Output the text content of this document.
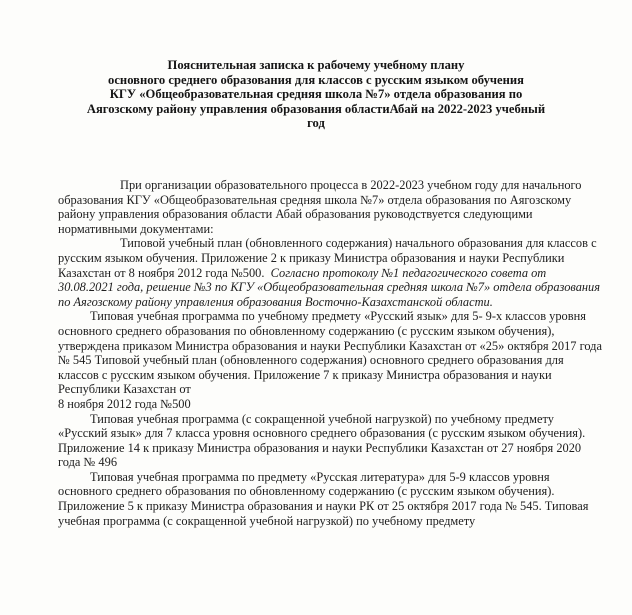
Пояснительная записка к рабочему учебному плану
основного среднего образования для классов с русским языком обучения
КГУ «Общеобразовательная средняя школа №7» отдела образования по
Аягозскому району управления образования областиАбай на 2022-2023 учебный
год

При организации образовательного процесса в 2022-2023 учебном году для начального образования КГУ «Общеобразовательная средняя школа №7» отдела образования по Аягозскому району управления образования области Абай образования руководствуется следующими нормативными документами:

Типовой учебный план (обновленного содержания) начального образования для классов с русским языком обучения. Приложение 2 к приказу Министра образования и науки Республики Казахстан от 8 ноября 2012 года №500. Согласно протоколу №1 педагогического совета от 30.08.2021 года, решение №3 по КГУ «Общеобразовательная средняя школа №7» отдела образования по Аягозскому району управления образования Восточно-Казахстанской области.

Типовая учебная программа по учебному предмету «Русский язык» для 5- 9-х классов уровня основного среднего образования по обновленному содержанию (с русским языком обучения), утверждена приказом Министра образования и науки Республики Казахстан от «25» октября 2017 года № 545 Типовой учебный план (обновленного содержания) основного среднего образования для классов с русским языком обучения. Приложение 7 к приказу Министра образования и науки Республики Казахстан от

8 ноября 2012 года №500

Типовая учебная программа (с сокращенной учебной нагрузкой) по учебному предмету «Русский язык» для 7 класса уровня основного среднего образования (с русским языком обучения). Приложение 14 к приказу Министра образования и науки Республики Казахстан от 27 ноября 2020 года № 496

Типовая учебная программа по предмету «Русская литература» для 5-9 классов уровня основного среднего образования по обновленному содержанию (с русским языком обучения). Приложение 5 к приказу Министра образования и науки РК от 25 октября 2017 года № 545. Типовая учебная программа (с сокращенной учебной нагрузкой) по учебному предмету
